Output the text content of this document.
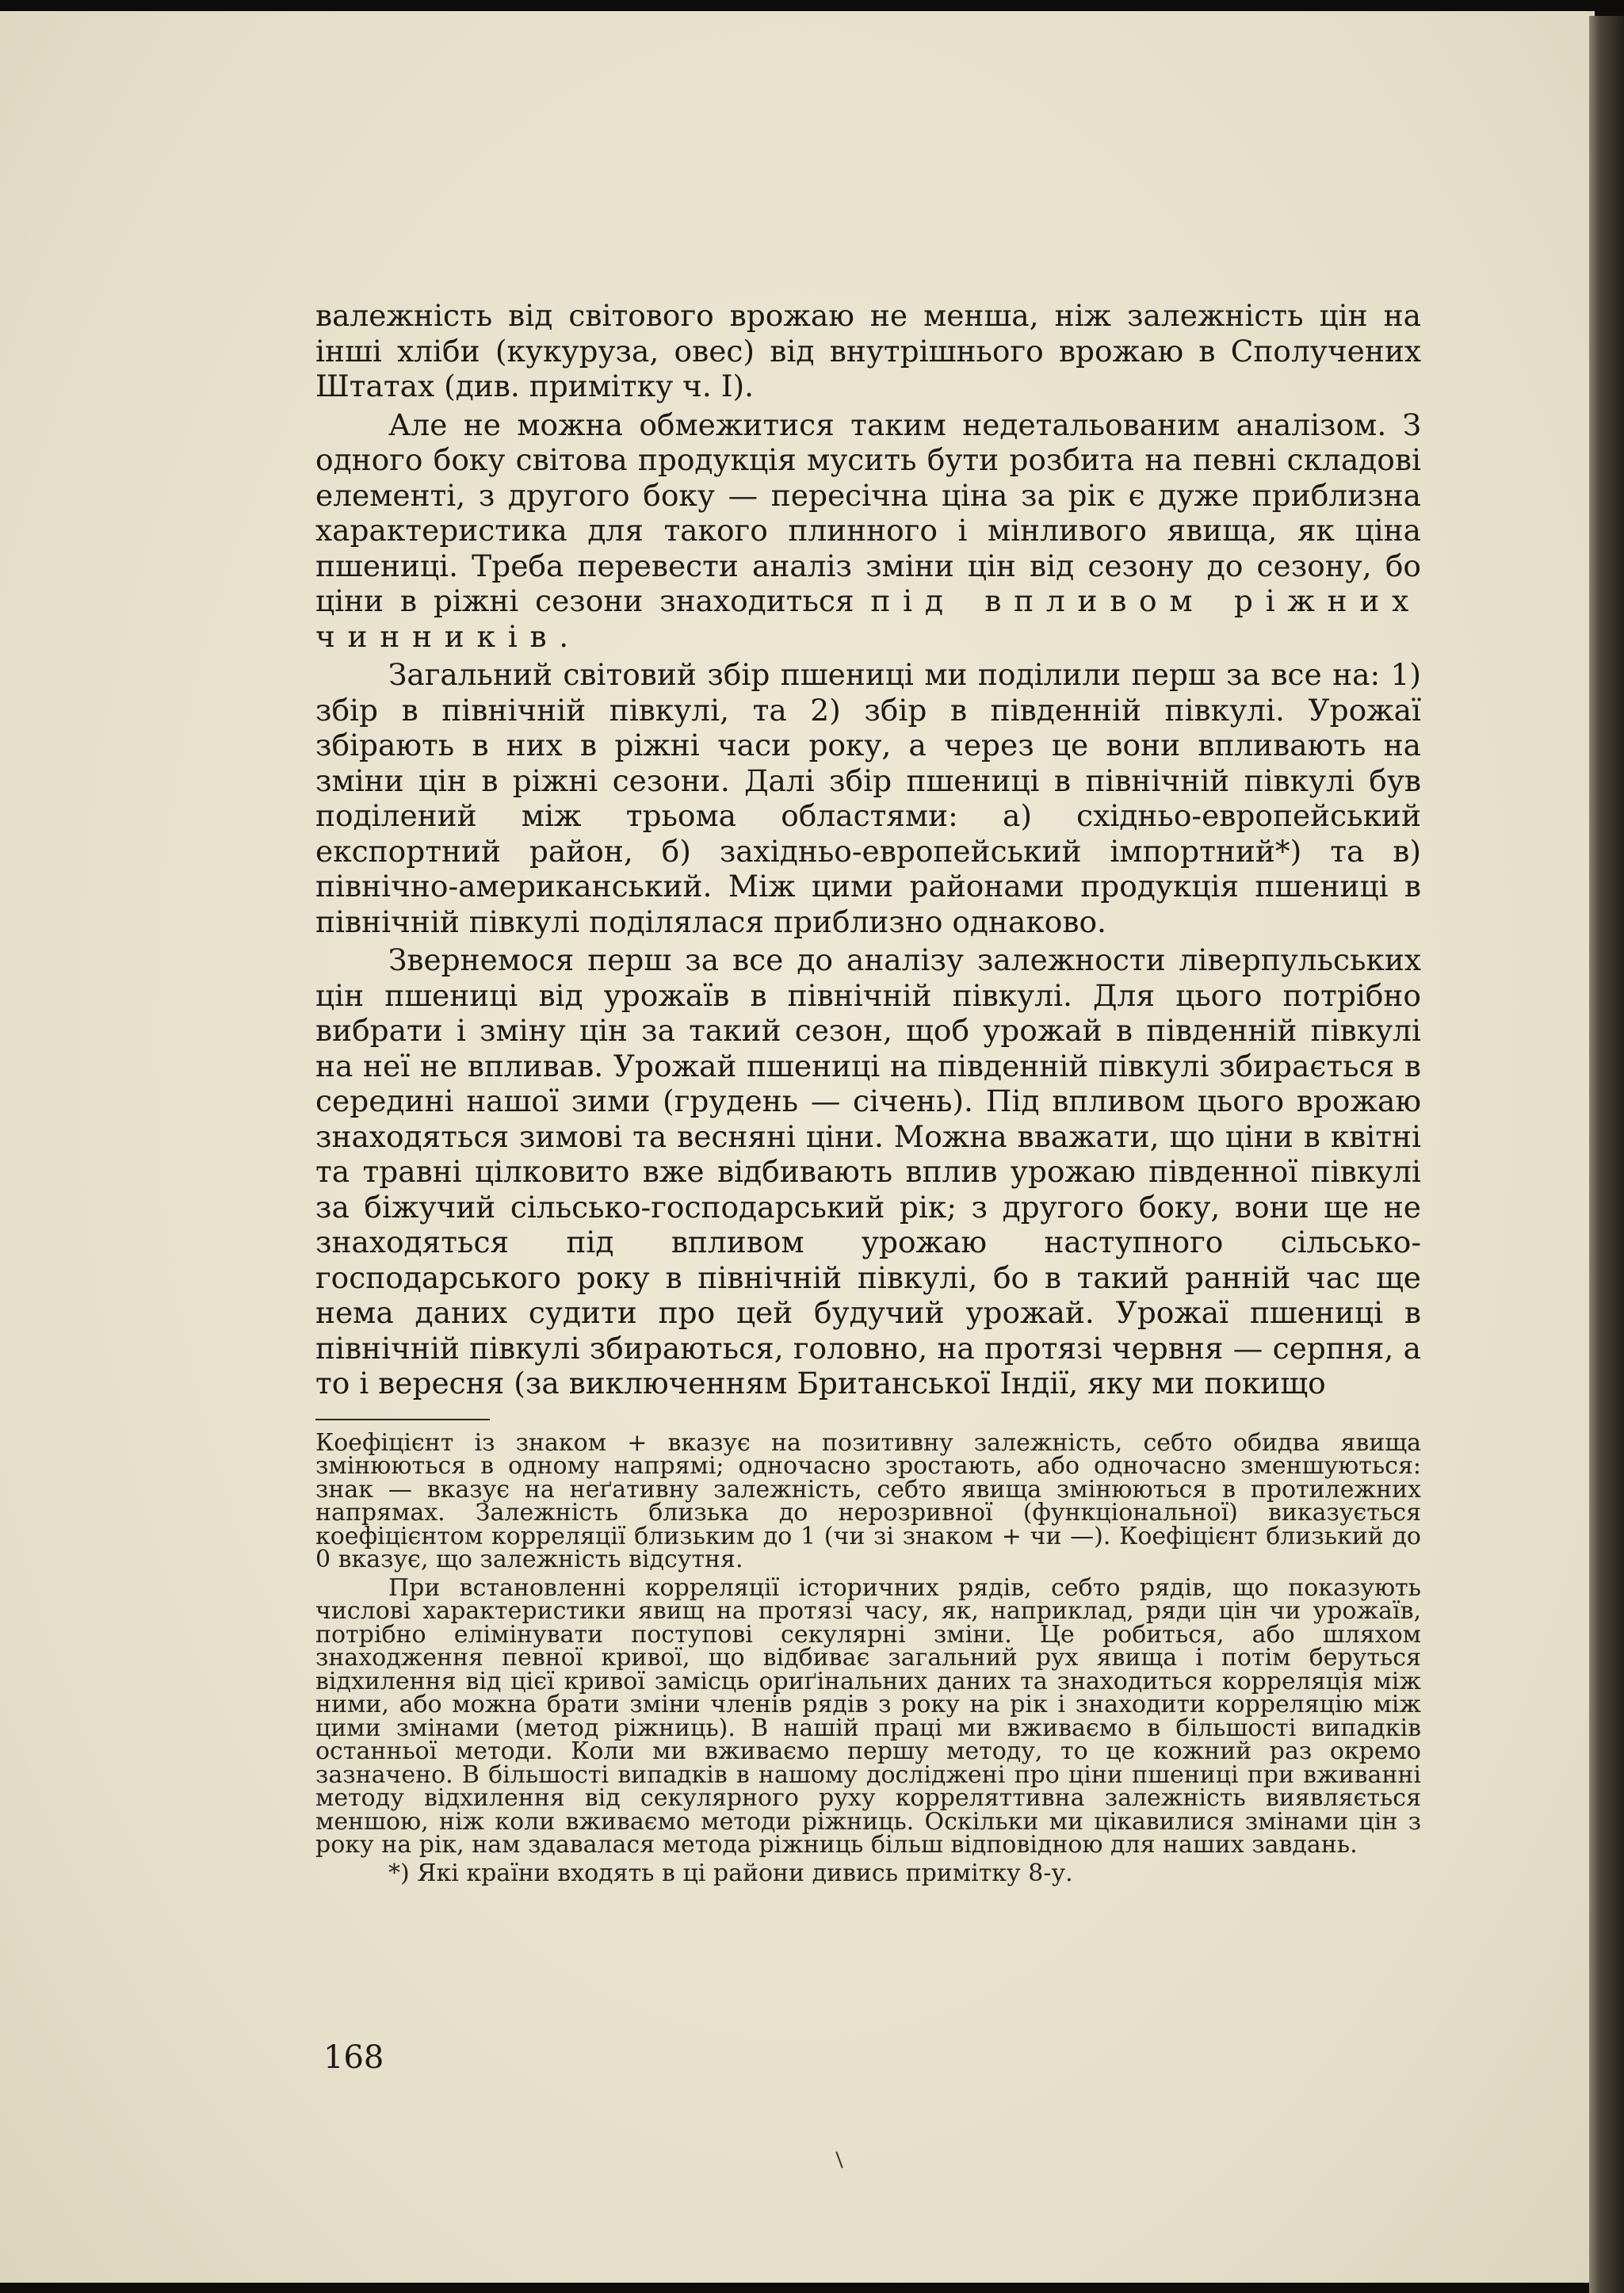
валежність від світового врожаю не менша, ніж залежність цін на інші хліби (кукуруза, овес) від внутрішнього врожаю в Сполучених Штатах (див. примітку ч. І).

Але не можна обмежитися таким недетальованим аналізом. З одного боку світова продукція мусить бути розбита на певні складові елементі, з другого боку — пересічна ціна за рік є дуже приблизна характеристика для такого плинного і мінливого явища, як ціна пшениці. Треба перевести аналіз зміни цін від сезону до сезону, бо ціни в ріжні сезони знаходиться під впливом ріжних чинників.

Загальний світовий збір пшениці ми поділили перш за все на: 1) збір в північній півкулі, та 2) збір в південній півкулі. Урожаї збірають в них в ріжні часи року, а через це вони впливають на зміни цін в ріжні сезони. Далі збір пшениці в північній півкулі був поділений між трьома областями: а) східньо-европейський експортний район, б) західньо-европейський імпортний*) та в) північно-американський. Між цими районами продукція пшениці в північній півкулі поділялася приблизно однаково.

Звернемося перш за все до аналізу залежности ліверпульських цін пшениці від урожаїв в північній півкулі. Для цього потрібно вибрати і зміну цін за такий сезон, щоб урожай в південній півкулі на неї не впливав. Урожай пшениці на південній півкулі збирається в середині нашої зими (грудень — січень). Під впливом цього врожаю знаходяться зимові та весняні ціни. Можна вважати, що ціни в квітні та травні цілковито вже відбивають вплив урожаю південної півкулі за біжучий сільсько-господарський рік; з другого боку, вони ще не знаходяться під впливом урожаю наступного сільсько-господарського року в північній півкулі, бо в такий ранній час ще нема даних судити про цей будучий урожай. Урожаї пшениці в північній півкулі збираються, головно, на протязі червня — серпня, а то і вересня (за виключенням Британської Індії, яку ми покищо

Коефіцієнт із знаком + вказує на позитивну залежність, себто обидва явища змінюються в одному напрямі; одночасно зростають, або одночасно зменшуються: знак — вказує на неґативну залежність, себто явища змінюються в протилежних напрямах. Залежність близька до нерозривної (функціональної) виказується коефіцієнтом корреляції близьким до 1 (чи зі знаком + чи —). Коефіцієнт близький до 0 вказує, що залежність відсутня.

При встановленні корреляції історичних рядів, себто рядів, що показують числові характеристики явищ на протязі часу, як, наприклад, ряди цін чи урожаїв, потрібно елімінувати поступові секулярні зміни. Це робиться, або шляхом знаходження певної кривої, що відбиває загальний рух явища і потім беруться відхилення від цієї кривої замісць ориґінальних даних та знаходиться корреляція між ними, або можна брати зміни членів рядів з року на рік і знаходити корреляцію між цими змінами (метод ріжниць). В нашій праці ми вживаємо в більшості випадків останньої методи. Коли ми вживаємо першу методу, то це кожний раз окремо зазначено. В більшості випадків в нашому досліджені про ціни пшениці при вживанні методу відхилення від секулярного руху корреляттивна залежність виявляється меншою, ніж коли вживаємо методи ріжниць. Оскільки ми цікавилися змінами цін з року на рік, нам здавалася метода ріжниць більш відповідною для наших завдань.

*) Які країни входять в ці райони дивись примітку 8-у.

168
